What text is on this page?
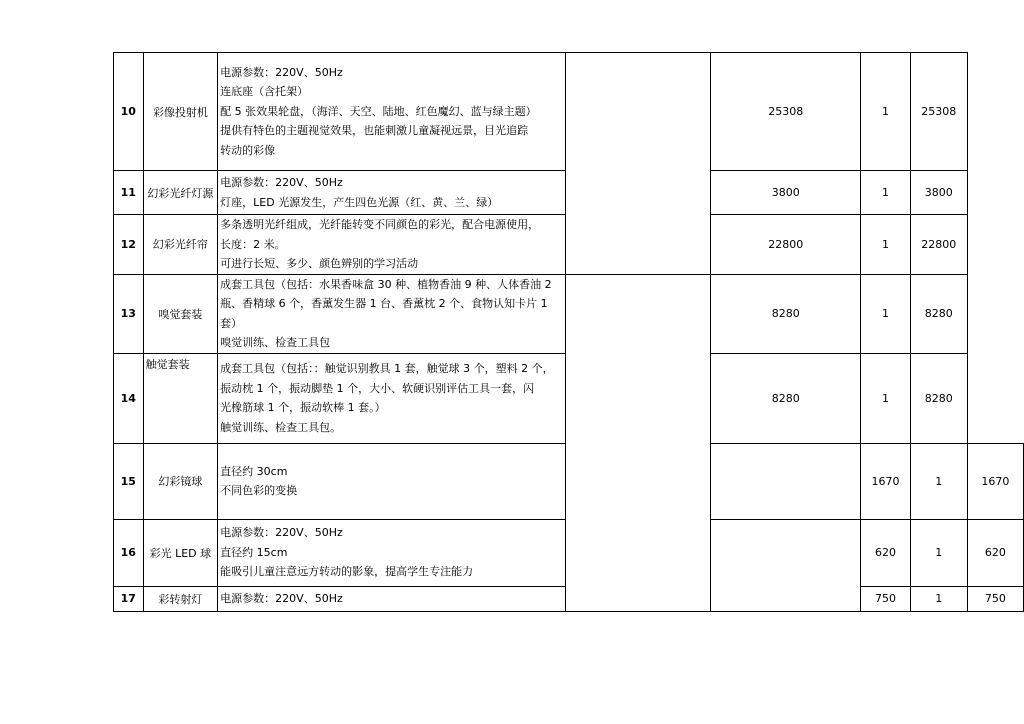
10	彩像投射机	电源参数：220V、50Hz
连底座（含托架）
配 5 张效果轮盘，（海洋、天空、陆地、红色魔幻、蓝与绿主题）
提供有特色的主题视觉效果，也能刺激儿童凝视远景，目光追踪
转动的彩像		25308	1	25308	
11	幻彩光纤灯源	电源参数：220V、50Hz
灯座，LED 光源发生，产生四色光源（红、黄、兰、绿）		3800	1	3800	
12	幻彩光纤帘	多条透明光纤组成，光纤能转变不同颜色的彩光，配合电源使用，
长度：2 米。
可进行长短、多少、颜色辨别的学习活动		22800	1	22800	
13	嗅觉套装	成套工具包（包括：水果香味盒 30 种、植物香油 9 种、人体香油 2
瓶、香精球 6 个，香薰发生器 1 台、香薰枕 2 个、食物认知卡片 1
套）
嗅觉训练、检查工具包		8280	1	8280	
14	触觉套装	成套工具包（包括：：触觉识别教具 1 套，触觉球 3 个，塑料 2 个，
振动枕 1 个，振动脚垫 1 个，大小、软硬识别评估工具一套，闪
光橡筋球 1 个，振动软棒 1 套。）
触觉训练、检查工具包。		8280	1	8280	
15	幻彩镜球	直径约 30cm
不同色彩的变换			1670	1	1670
16	彩光 LED 球	电源参数：220V、50Hz
直径约 15cm
能吸引儿童注意远方转动的影象，提高学生专注能力			620	1	620
17	彩转射灯	电源参数：220V、50Hz			750	1	750
